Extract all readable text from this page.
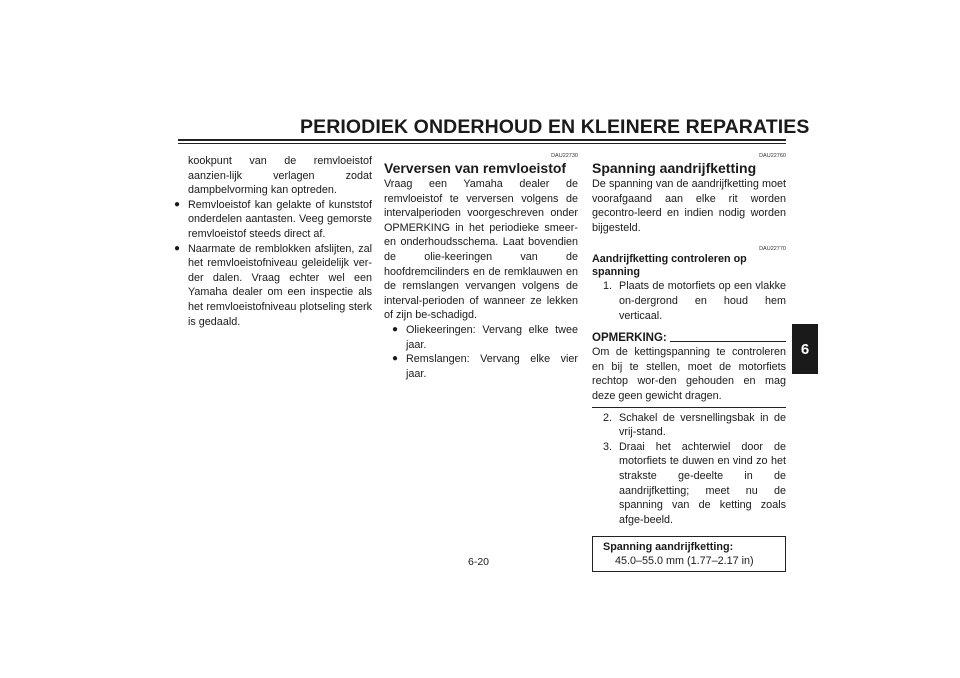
PERIODIEK ONDERHOUD EN KLEINERE REPARATIES
6

kookpunt van de remvloeistof aanzien-lijk verlagen zodat dampbelvorming kan optreden.

● Remvloeistof kan gelakte of kunststof onderdelen aantasten. Veeg gemorste remvloeistof steeds direct af.
● Naarmate de remblokken afslijten, zal het remvloeistofniveau geleidelijk ver-der dalen. Vraag echter wel een Yamaha dealer om een inspectie als het remvloeistofniveau plotseling sterk is gedaald.
DAU22730
Verversen van remvloeistof

Vraag een Yamaha dealer de remvloeistof te verversen volgens de intervalperioden voorgeschreven onder OPMERKING in het periodieke smeer- en onderhoudsschema. Laat bovendien de olie-keeringen van de hoofdremcilinders en de remklauwen en de remslangen vervangen volgens de interval-perioden of wanneer ze lekken of zijn be-schadigd.

● Oliekeeringen: Vervang elke twee jaar.
● Remslangen: Vervang elke vier jaar.
DAU22760
Spanning aandrijfketting

De spanning van de aandrijfketting moet voorafgaand aan elke rit worden gecontro-leerd en indien nodig worden bijgesteld.

DAU22770
Aandrijfketting controleren op spanning
1. Plaats de motorfiets op een vlakke on-dergrond en houd hem verticaal.
OPMERKING:

Om de kettingspanning te controleren en bij te stellen, moet de motorfiets rechtop wor-den gehouden en mag deze geen gewicht dragen.

2. Schakel de versnellingsbak in de vrij-stand.
3. Draai het achterwiel door de motorfiets te duwen en vind zo het strakste ge-deelte in de aandrijfketting; meet nu de spanning van de ketting zoals afge-beeld.
Spanning aandrijfketting:
45.0–55.0 mm (1.77–2.17 in)
6-20
